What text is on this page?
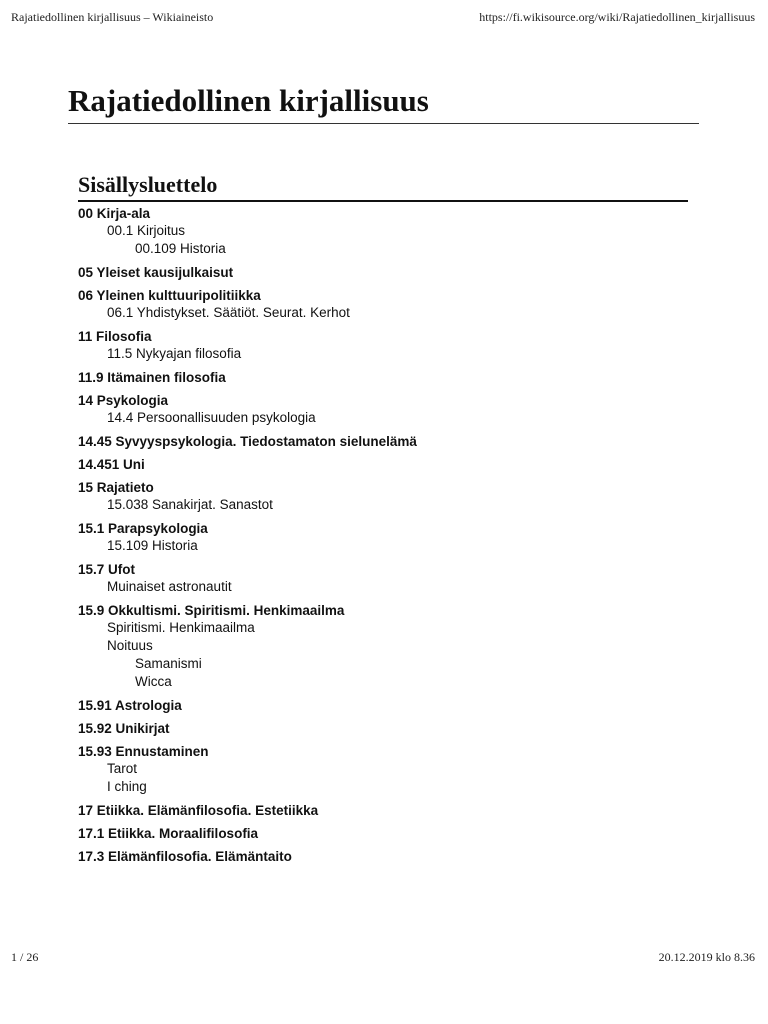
Rajatiedollinen kirjallisuus – Wikiaineisto	https://fi.wikisource.org/wiki/Rajatiedollinen_kirjallisuus
Rajatiedollinen kirjallisuus
Sisällysluettelo
00 Kirja-ala
00.1 Kirjoitus
00.109 Historia
05 Yleiset kausijulkaisut
06 Yleinen kulttuuripolitiikka
06.1 Yhdistykset. Säätiöt. Seurat. Kerhot
11 Filosofia
11.5 Nykyajan filosofia
11.9 Itämainen filosofia
14 Psykologia
14.4 Persoonallisuuden psykologia
14.45 Syvyyspsykologia. Tiedostamaton sielunelämä
14.451 Uni
15 Rajatieto
15.038 Sanakirjat. Sanastot
15.1 Parapsykologia
15.109 Historia
15.7 Ufot
Muinaiset astronautit
15.9 Okkultismi. Spiritismi. Henkimaailma
Spiritismi. Henkimaailma
Noituus
Samanismi
Wicca
15.91 Astrologia
15.92 Unikirjat
15.93 Ennustaminen
Tarot
I ching
17 Etiikka. Elämänfilosofia. Estetiikka
17.1 Etiikka. Moraalifilosofia
17.3 Elämänfilosofia. Elämäntaito
1 / 26	20.12.2019 klo 8.36
